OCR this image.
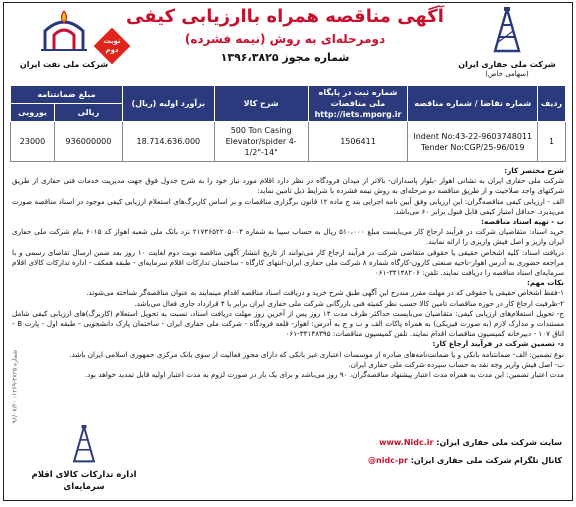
شرکت ملی حفاری ایران
(سهامی خاص)
آگهی مناقصه همراه باارزیابی کیفی
دومرحله‌ای به روش (نیمه فشرده)
شماره مجوز ۱۳۹۶،۳۸۲۵
نوبت دوم
شرکت ملی نفت ایران
ردیف	شماره تقاضا / شماره مناقصه	شماره ثبت در پایگاه ملی مناقصات http://iets.mporg.ir	شرح کالا	برآورد اولیه (ریال)	مبلغ ضمانتنامه	
					ریالی	یورویی
1	Indent No:43-22-9603748011 Tender No:CGP/25-96/019	1506411	500 Ton Casing Elevator/spider 4-1/2"-14"	18.714.636.000	936000000	23000

شرح مختصر کار:

شرکت ملی حفاری ایران به نشانی اهواز -بلوار پاسداران- بالاتر از میدان فرودگاه در نظر دارد اقلام مورد نیاز خود را به شرح جدول فوق جهت مدیریت خدمات فنی حفاری از طریق شرکتهای واجد صلاحیت و از طریق مناقصه دو مرحله‌ای به روش نیمه فشرده با شرایط ذیل تامین نماید:

الف - ارزیابی کیفی مناقصه‌گران: این ارزیابی وفق آیین نامه اجرایی بند ج ماده ۱۲ قانون برگزاری مناقصات و بر اساس کاربرگ‌های استعلام ارزیابی کیفی موجود در اسناد مناقصه صورت می‌پذیرد. حداقل امتیاز کیفی قابل قبول برابر ۶۰ می‌باشد.

ب - تهیه اسناد مناقصه:

خرید اسناد: متقاضیان شرکت در فرآیند ارجاع کار می‌بایست مبلغ ۵۱۰،۰۰۰ ریال به حساب سیبا به شماره ۲۱۷۴۶۵۲۲۰۵۰۰۴ نزد بانک ملی شعبه اهواز کد ۶۰۱۵ بنام شرکت ملی حفاری ایران واریز و اصل فیش واریزی را ارائه نمایند.

دریافت اسناد: کلیه اشخاص حقیقی یا حقوقی متقاضی شرکت در فرآیند ارجاع کار می‌توانند از تاریخ انتشار آگهی مناقصه نوبت دوم لغایت ۱۰ روز بعد ضمن ارسال تقاضای رسمی و با مراجعه حضوری به آدرس اهواز-ناحیه صنعتی کارون-کارگاه شماره ۸ شرکت ملی حفاری ایران-انتهای کارگاه - ساختمان تدارکات اقلام سرمایه‌ای - طبقه همکف - اداره تدارکات کالای اقلام سرمایه‌ای اسناد مناقصه را دریافت نمایند. تلفن: ۳۴۱۴۸۲۰۶-۰۶۱

نکات مهم:

۱-فقط اشخاص حقیقی یا حقوقی که در مهلت مقرر مندرج این آگهی طبق شرح خرید و دریافت اسناد مناقصه اقدام مینمایند به عنوان مناقصه‌گر شناخته می‌شوند.

۲-ظرفیت ارجاع کار در حوزه مناقصات تامین کالا حسب نظر کمیته فنی بازرگانی شرکت ملی حفاری ایران برابر با ۴ قرارداد جاری فعال می‌باشد.

ج- تحویل استعلام‌های ارزیابی کیفی: متقاضیان می‌بایست حداکثر ظرف مدت ۱۴ روز پس از آخرین روز مهلت دریافت اسناد، نسبت به تحویل استعلام (کاربرگ)های ارزیابی کیفی شامل مستندات و مدارک لازم (به صورت فیزیکی) به همراه پاکات الف و ب و ج به آدرس: اهواز- قلعه فرودگاه - شرکت ملی حفاری ایران - ساختمان پارک دانشجویی - طبقه اول - پارت B - اتاق ۱۰۷ - دبیرخانه کمیسیون مناقصات اقدام نمایند. تلفن کمیسیون مناقصات: ۳۴۱۴۸۳۹۵-۰۶۱

د- تضمین شرکت در فرآیند ارجاع کار:

نوع تضمین: الف- ضمانتنامه بانکی و یا ضمانت‌نامه‌های صادره از موسسات اعتباری غیر بانکی که دارای مجوز فعالیت از سوی بانک مرکزی جمهوری اسلامی ایران باشد.

ب- اصل فیش واریز وجه نقد به حساب سپرده شرکت ملی حفاری ایران.

مدت اعتبار تضمین: این مدت به همراه مدت اعتبار پیشنهاد مناقصه‌گران، ۹۰ روز می‌باشد و برای یک بار در صورت لزوم به مدت اعتبار اولیه قابل تمدید خواهد بود.

سایت شرکت ملی حفاری ایران: www.Nidc.ir
کانال تلگرام شرکت ملی حفاری ایران: @nidc-pr
اداره تدارکات کالای اقلام سرمایه‌ای
۹۶/۰۷/۲۰ -شماره ۳۸۲۵-۱۲۶۹
